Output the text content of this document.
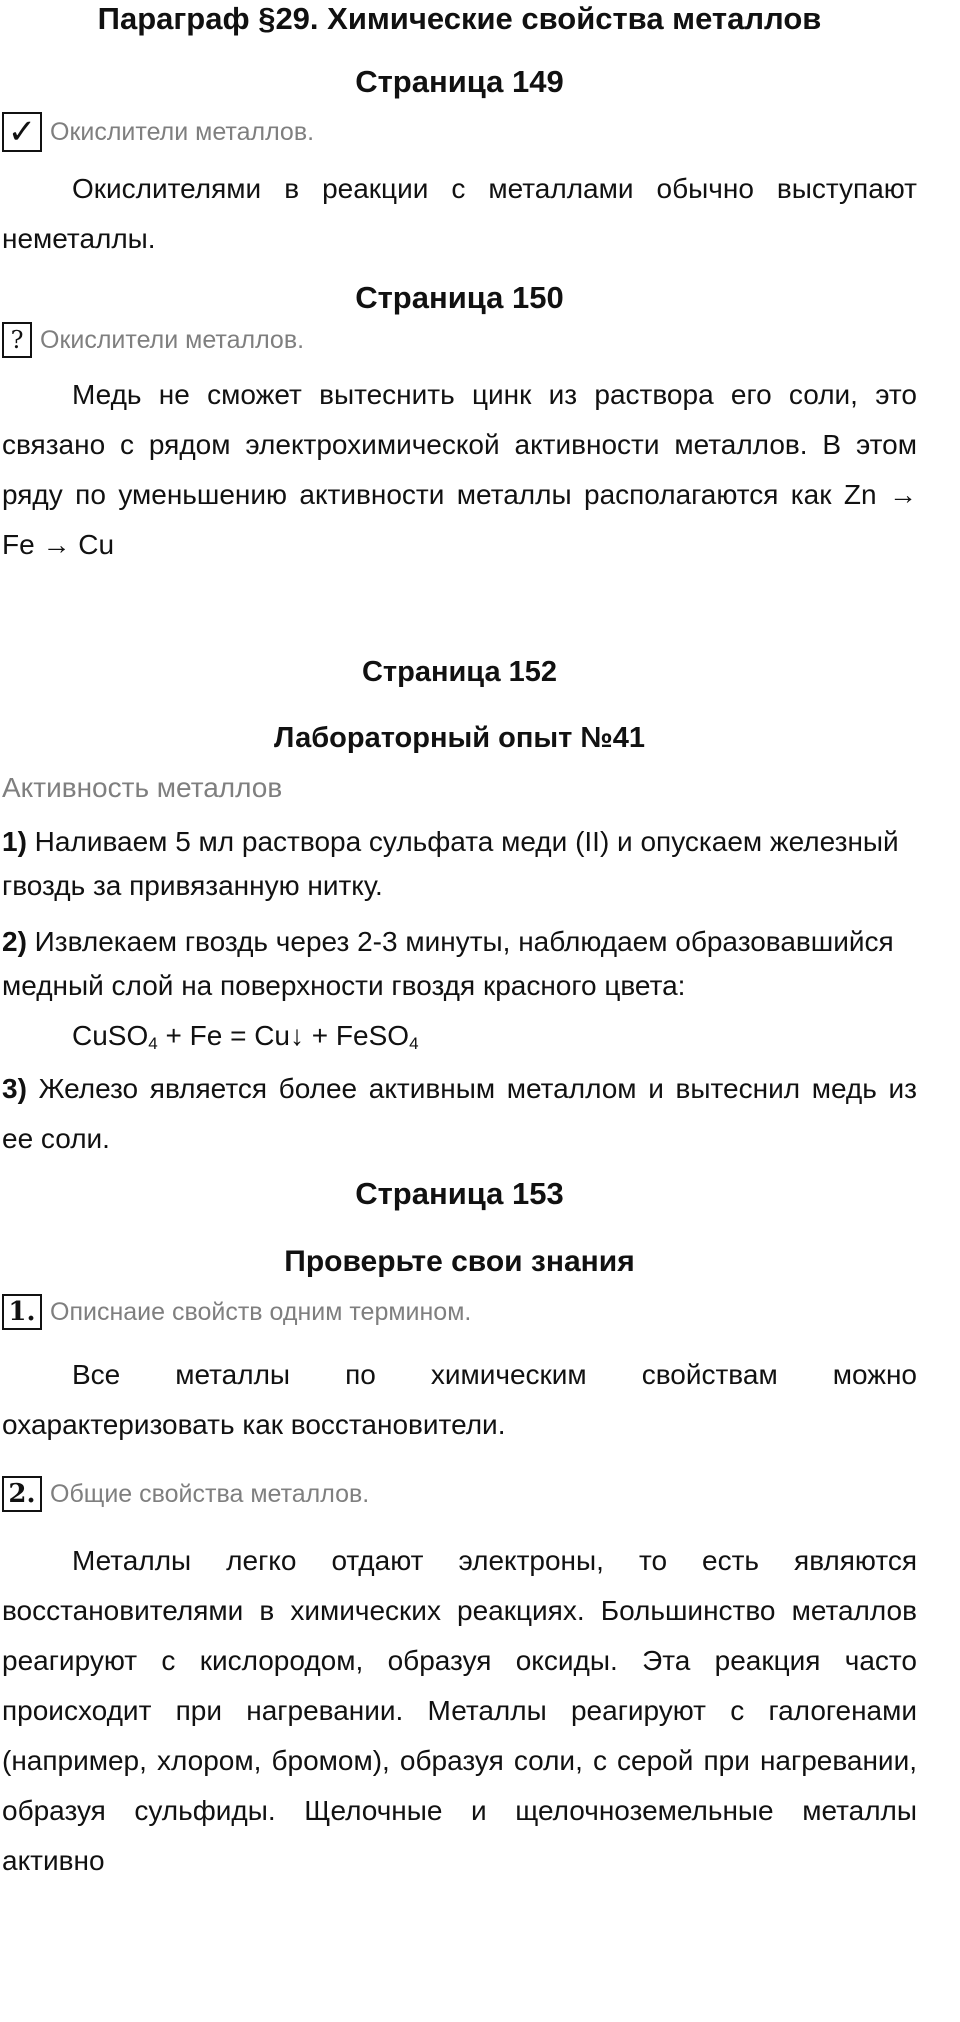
Параграф §29. Химические свойства металлов
Страница 149
✓ Окислители металлов.

Окислителями в реакции с металлами обычно выступают неметаллы.

Страница 150
? Окислители металлов.

Медь не сможет вытеснить цинк из раствора его соли, это связано с рядом электрохимической активности металлов. В этом ряду по уменьшению активности металлы располагаются как Zn → Fe → Cu

Страница 152
Лабораторный опыт №41
Активность металлов

1) Наливаем 5 мл раствора сульфата меди (II) и опускаем железный гвоздь за привязанную нитку.

2) Извлекаем гвоздь через 2-3 минуты, наблюдаем образовавшийся медный слой на поверхности гвоздя красного цвета:

CuSO$_4$ + Fe = Cu↓ + FeSO$_4$

3) Железо является более активным металлом и вытеснил медь из ее соли.

Страница 153
Проверьте свои знания
1. Описнаие свойств одним термином.

Все металлы по химическим свойствам можно охарактеризовать как восстановители.

2. Общие свойства металлов.

Металлы легко отдают электроны, то есть являются восстановителями в химических реакциях. Большинство металлов реагируют с кислородом, образуя оксиды. Эта реакция часто происходит при нагревании. Металлы реагируют с галогенами (например, хлором, бромом), образуя соли, с серой при нагревании, образуя сульфиды. Щелочные и щелочноземельные металлы активно
